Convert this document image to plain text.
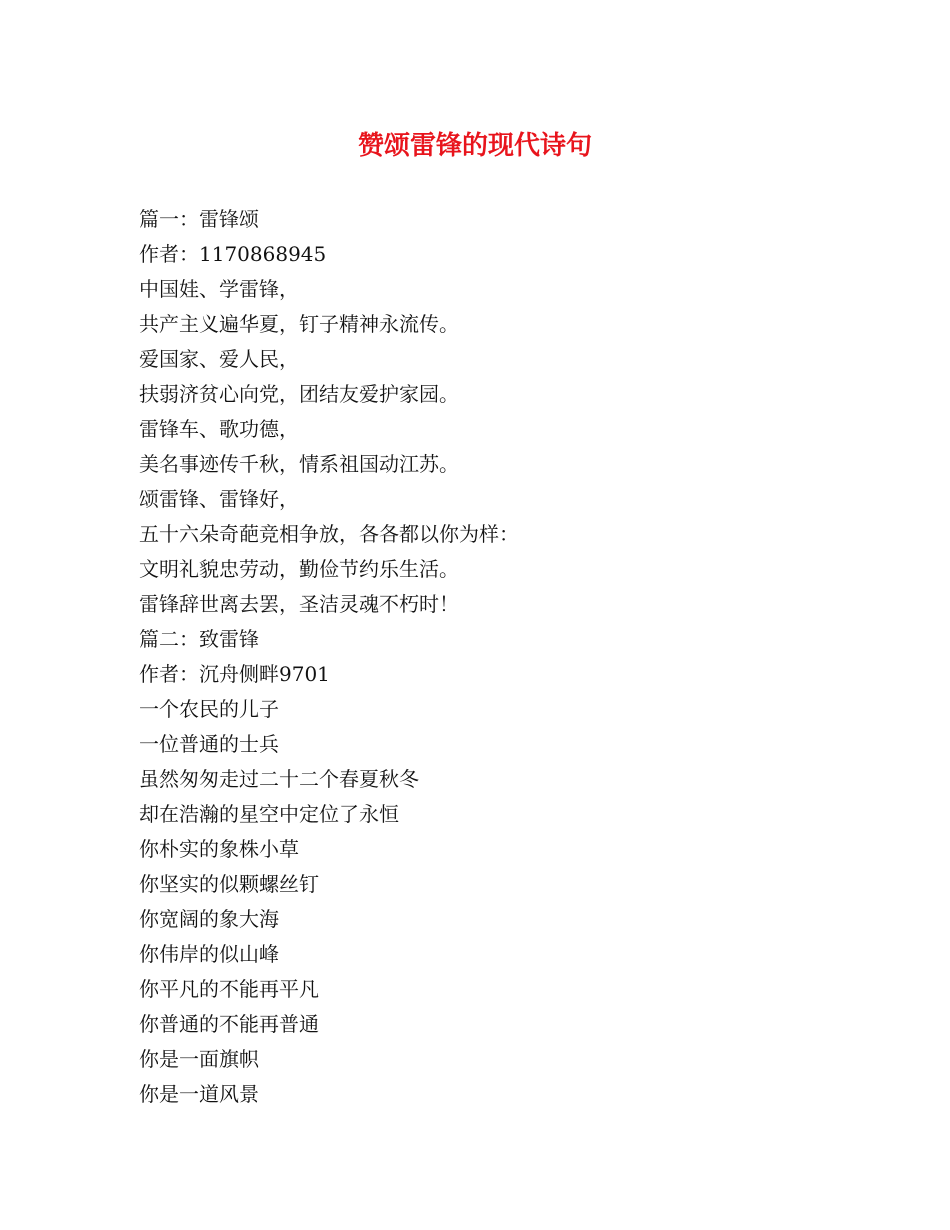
赞颂雷锋的现代诗句
篇一：雷锋颂
作者：1170868945
中国娃、学雷锋，
共产主义遍华夏，钉子精神永流传。
爱国家、爱人民，
扶弱济贫心向党，团结友爱护家园。
雷锋车、歌功德，
美名事迹传千秋，情系祖国动江苏。
颂雷锋、雷锋好，
五十六朵奇葩竞相争放，各各都以你为样：
文明礼貌忠劳动，勤俭节约乐生活。
雷锋辞世离去罢，圣洁灵魂不朽时！
篇二：致雷锋
作者：沉舟侧畔9701
一个农民的儿子
一位普通的士兵
虽然匆匆走过二十二个春夏秋冬
却在浩瀚的星空中定位了永恒
你朴实的象株小草
你坚实的似颗螺丝钉
你宽阔的象大海
你伟岸的似山峰
你平凡的不能再平凡
你普通的不能再普通
你是一面旗帜
你是一道风景
